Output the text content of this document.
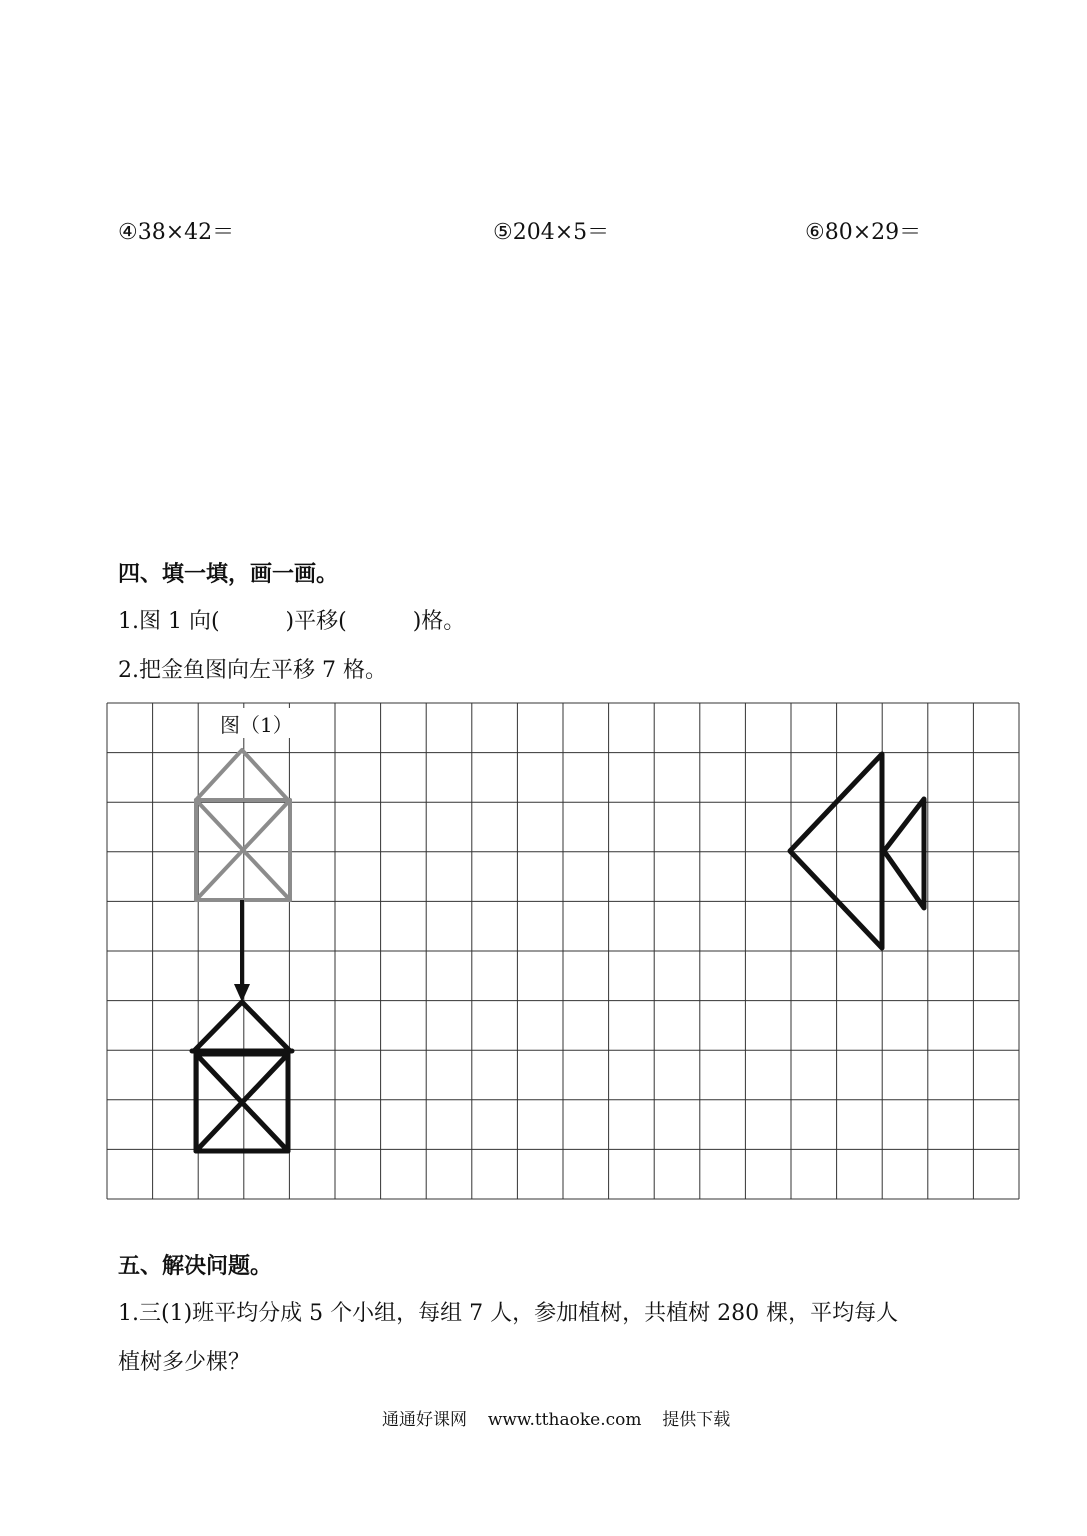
④38×42＝	⑤204×5＝	⑥80×29＝
四、填一填，画一画。
1.图 1 向(　　　)平移(　　　)格。
2.把金鱼图向左平移 7 格。
图（1）
五、解决问题。
1.三(1)班平均分成 5 个小组，每组 7 人，参加植树，共植树 280 棵，平均每人
植树多少棵？
通通好课网 www.tthaoke.com 提供下载
